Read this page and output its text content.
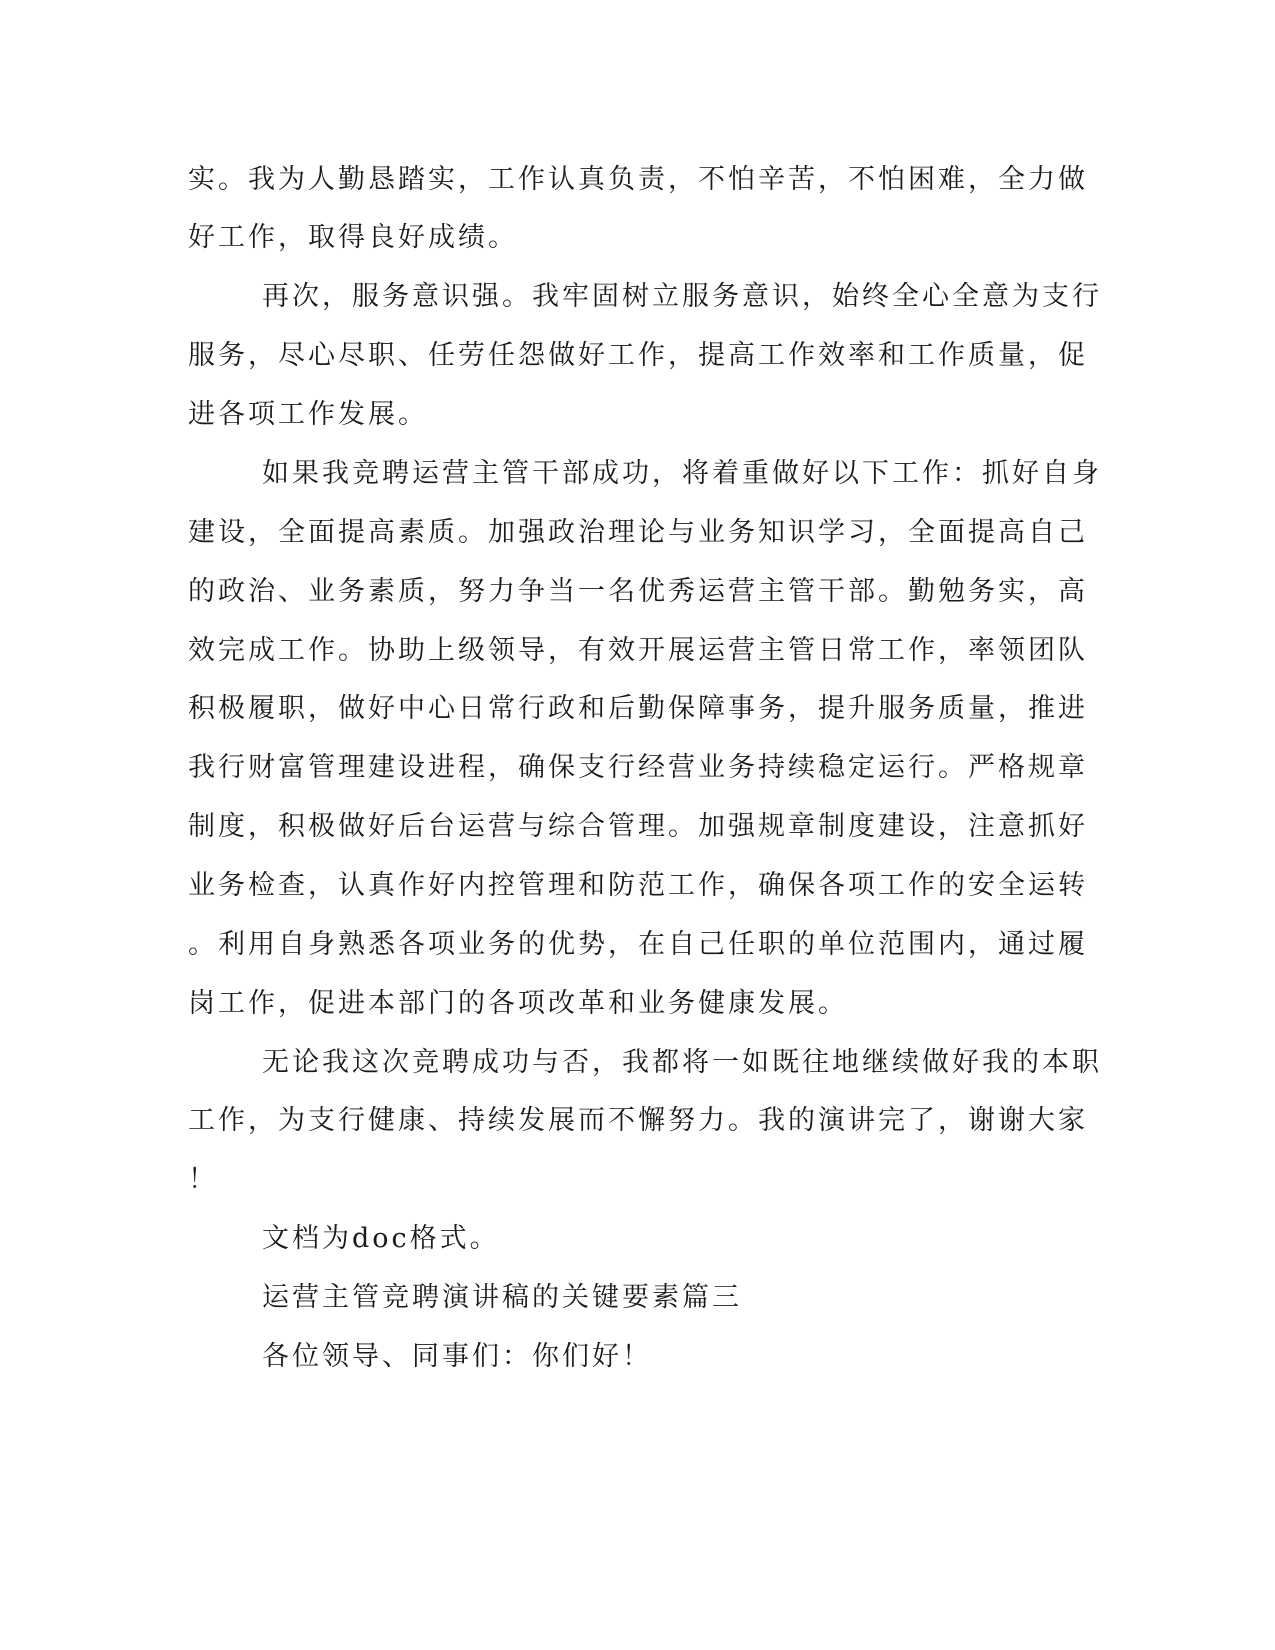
实。我为人勤恳踏实，工作认真负责，不怕辛苦，不怕困难，全力做
好工作，取得良好成绩。
再次，服务意识强。我牢固树立服务意识，始终全心全意为支行
服务，尽心尽职、任劳任怨做好工作，提高工作效率和工作质量，促
进各项工作发展。
如果我竞聘运营主管干部成功，将着重做好以下工作：抓好自身
建设，全面提高素质。加强政治理论与业务知识学习，全面提高自己
的政治、业务素质，努力争当一名优秀运营主管干部。勤勉务实，高
效完成工作。协助上级领导，有效开展运营主管日常工作，率领团队
积极履职，做好中心日常行政和后勤保障事务，提升服务质量，推进
我行财富管理建设进程，确保支行经营业务持续稳定运行。严格规章
制度，积极做好后台运营与综合管理。加强规章制度建设，注意抓好
业务检查，认真作好内控管理和防范工作，确保各项工作的安全运转
。利用自身熟悉各项业务的优势，在自己任职的单位范围内，通过履
岗工作，促进本部门的各项改革和业务健康发展。
无论我这次竞聘成功与否，我都将一如既往地继续做好我的本职
工作，为支行健康、持续发展而不懈努力。我的演讲完了，谢谢大家
！
文档为doc格式。
运营主管竞聘演讲稿的关键要素篇三
各位领导、同事们：你们好！
